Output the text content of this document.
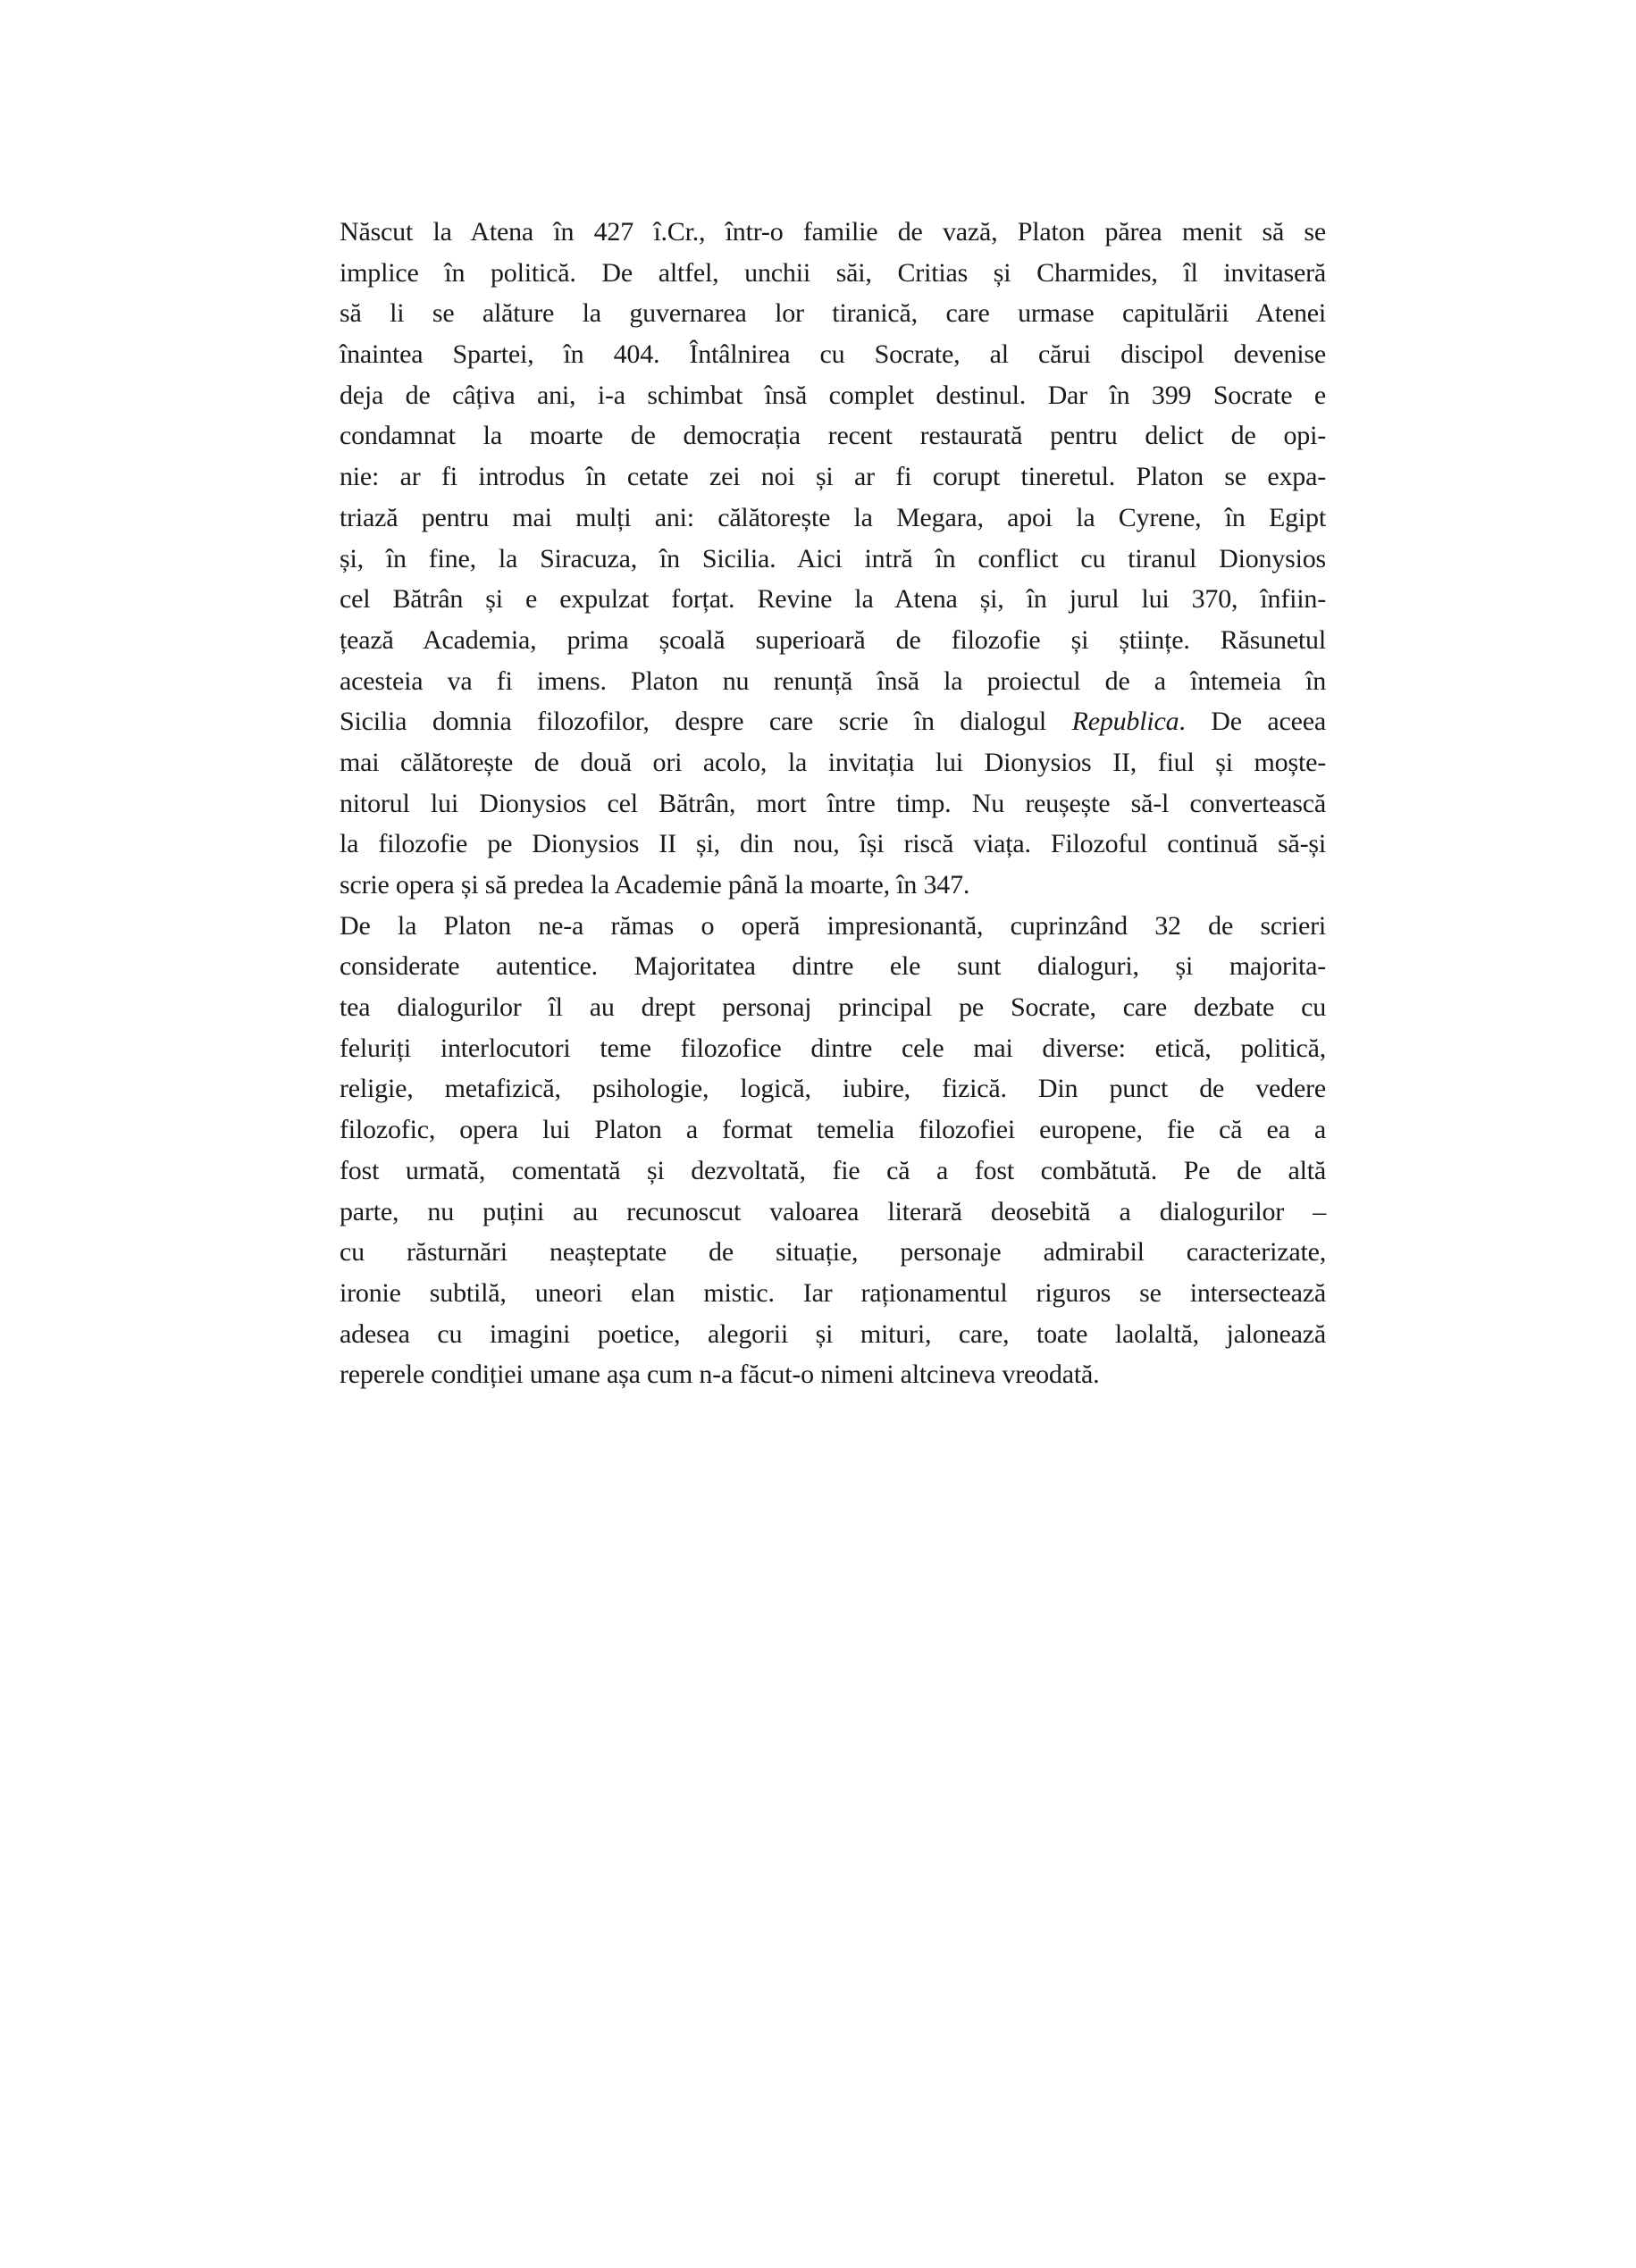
Născut la Atena în 427 î.Cr., într-o familie de vază, Platon părea menit să se
implice în politică. De altfel, unchii săi, Critias și Charmides, îl invitaseră
să li se alăture la guvernarea lor tiranică, care urmase capitulării Atenei
înaintea Spartei, în 404. Întâlnirea cu Socrate, al cărui discipol devenise
deja de câțiva ani, i-a schimbat însă complet destinul. Dar în 399 Socrate e
condamnat la moarte de democrația recent restaurată pentru delict de opi-
nie: ar fi introdus în cetate zei noi și ar fi corupt tineretul. Platon se expa-
triază pentru mai mulți ani: călătorește la Megara, apoi la Cyrene, în Egipt
și, în fine, la Siracuza, în Sicilia. Aici intră în conflict cu tiranul Dionysios
cel Bătrân și e expulzat forțat. Revine la Atena și, în jurul lui 370, înfiin-
țează Academia, prima școală superioară de filozofie și științe. Răsunetul
acesteia va fi imens. Platon nu renunță însă la proiectul de a întemeia în
Sicilia domnia filozofilor, despre care scrie în dialogul Republica. De aceea
mai călătorește de două ori acolo, la invitația lui Dionysios II, fiul și moște-
nitorul lui Dionysios cel Bătrân, mort între timp. Nu reușește să-l convertească
la filozofie pe Dionysios II și, din nou, își riscă viața. Filozoful continuă să-și
scrie opera și să predea la Academie până la moarte, în 347.
De la Platon ne-a rămas o operă impresionantă, cuprinzând 32 de scrieri
considerate autentice. Majoritatea dintre ele sunt dialoguri, și majorita-
tea dialogurilor îl au drept personaj principal pe Socrate, care dezbate cu
feluriți interlocutori teme filozofice dintre cele mai diverse: etică, politică,
religie, metafizică, psihologie, logică, iubire, fizică. Din punct de vedere
filozofic, opera lui Platon a format temelia filozofiei europene, fie că ea a
fost urmată, comentată și dezvoltată, fie că a fost combătută. Pe de altă
parte, nu puțini au recunoscut valoarea literară deosebită a dialogurilor –
cu răsturnări neașteptate de situație, personaje admirabil caracterizate,
ironie subtilă, uneori elan mistic. Iar raționamentul riguros se intersectează
adesea cu imagini poetice, alegorii și mituri, care, toate laolaltă, jalonează
reperele condiției umane așa cum n-a făcut-o nimeni altcineva vreodată.
